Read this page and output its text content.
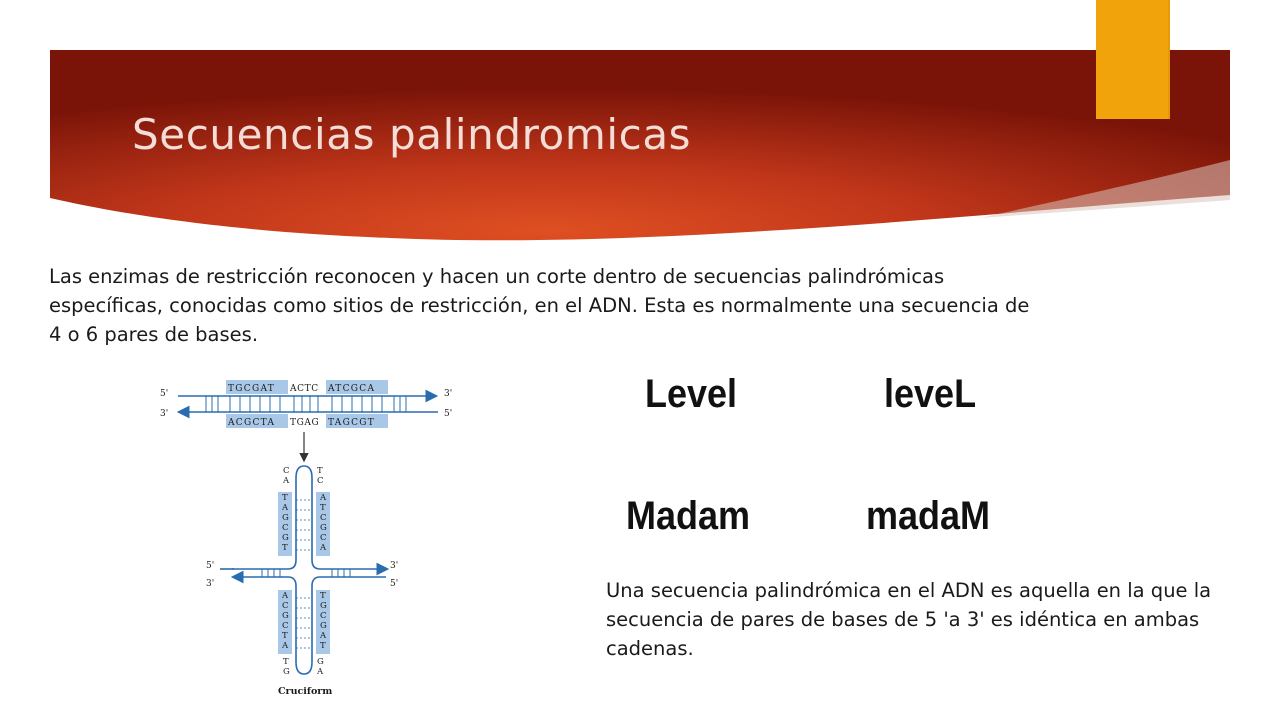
Secuencias palindromicas

Las enzimas de restricción reconocen y hacen un corte dentro de secuencias palindrómicas específicas, conocidas como sitios de restricción, en el ADN. Esta es normalmente una secuencia de 4 o 6 pares de bases.

Level	leveL
Madam	madaM

Una secuencia palindrómica en el ADN es aquella en la que la secuencia de pares de bases de 5 'a 3' es idéntica en ambas cadenas.

5'	3'
3'	5'
TGCGAT ACTC ATCGCA
ACGCTA TGAG TAGCGT
5'
3'
3'
5'
C
A
T
C
T
A
G
C
G
T
A
T
C
G
C
A
A
C
G
C
T
A
T
G
C
G
A
T
T
G
G
A
Cruciform
